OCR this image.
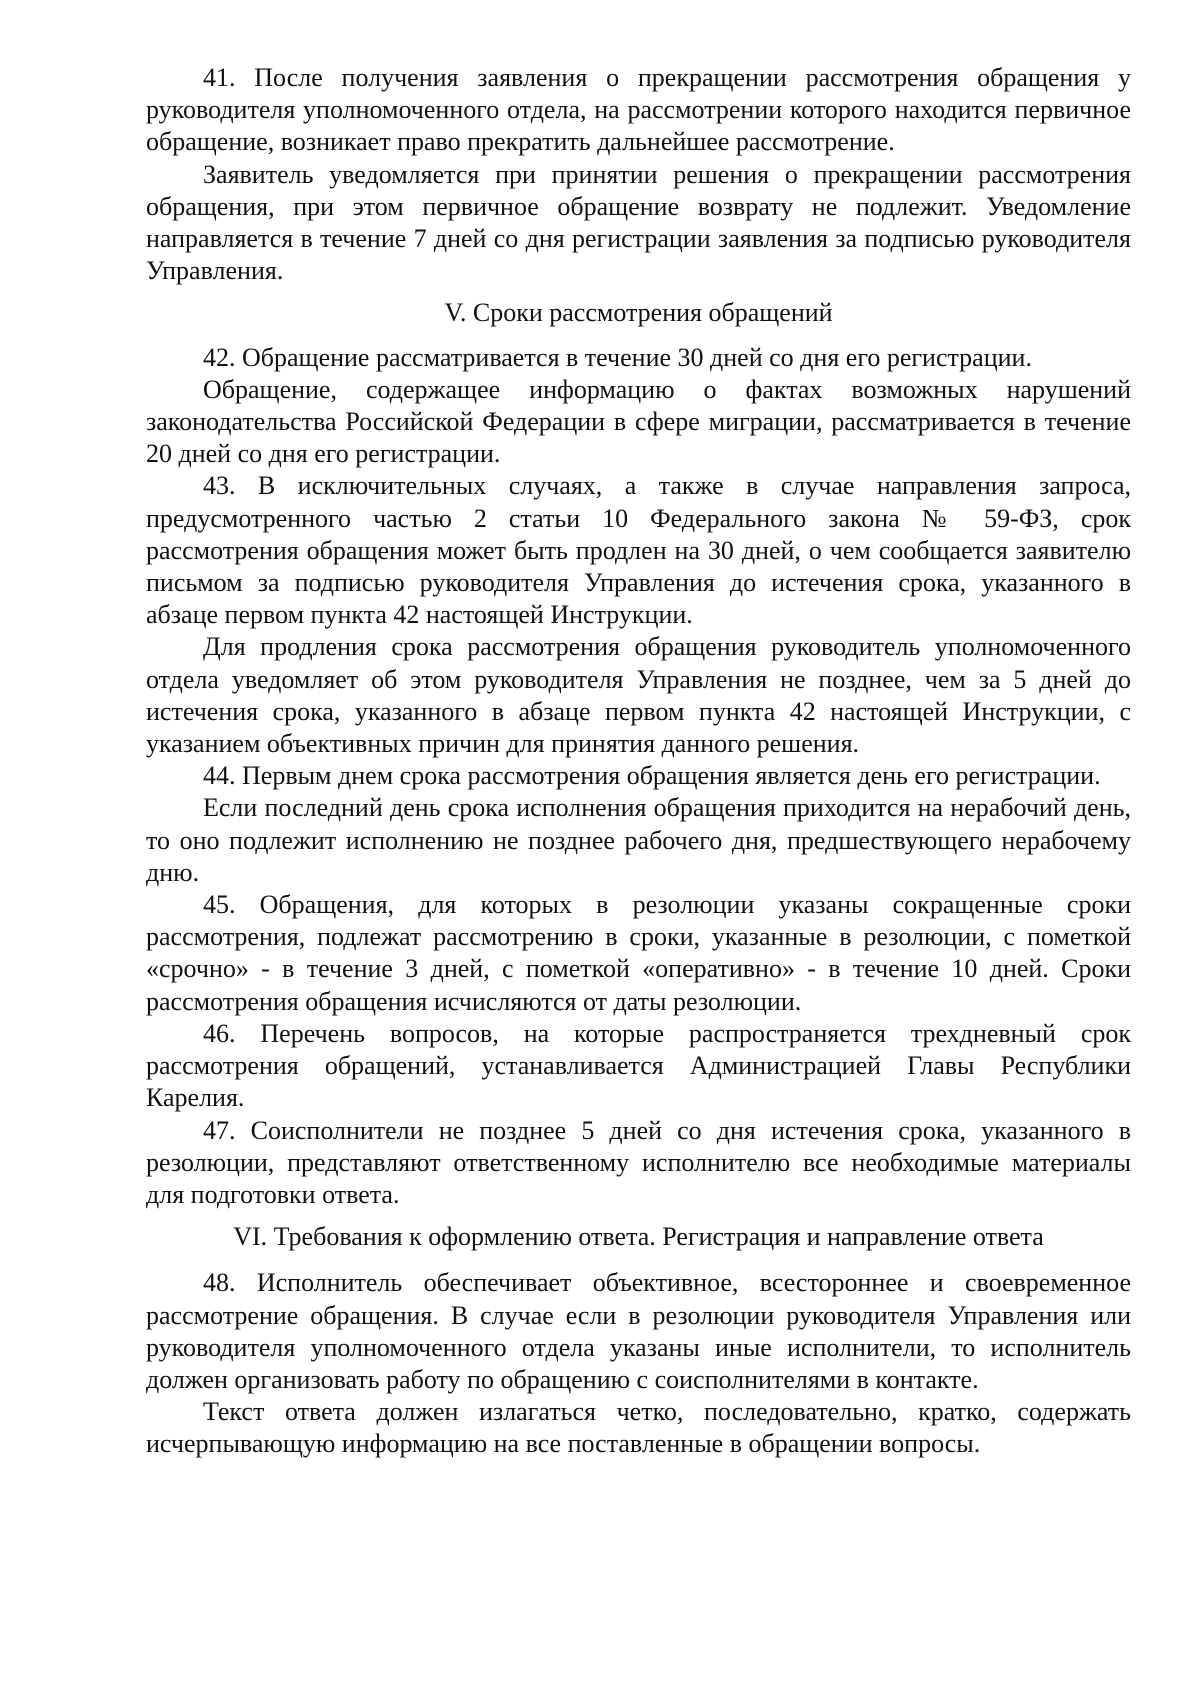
41. После получения заявления о прекращении рассмотрения обращения у руководителя уполномоченного отдела, на рассмотрении которого находится первичное обращение, возникает право прекратить дальнейшее рассмотрение.

Заявитель уведомляется при принятии решения о прекращении рассмотрения обращения, при этом первичное обращение возврату не подлежит. Уведомление направляется в течение 7 дней со дня регистрации заявления за подписью руководителя Управления.

V. Сроки рассмотрения обращений

42. Обращение рассматривается в течение 30 дней со дня его регистрации.

Обращение, содержащее информацию о фактах возможных нарушений законодательства Российской Федерации в сфере миграции, рассматривается в течение 20 дней со дня его регистрации.

43. В исключительных случаях, а также в случае направления запроса, предусмотренного частью 2 статьи 10 Федерального закона № 59-ФЗ, срок рассмотрения обращения может быть продлен на 30 дней, о чем сообщается заявителю письмом за подписью руководителя Управления до истечения срока, указанного в абзаце первом пункта 42 настоящей Инструкции.

Для продления срока рассмотрения обращения руководитель уполномоченного отдела уведомляет об этом руководителя Управления не позднее, чем за 5 дней до истечения срока, указанного в абзаце первом пункта 42 настоящей Инструкции, с указанием объективных причин для принятия данного решения.

44. Первым днем срока рассмотрения обращения является день его регистрации.

Если последний день срока исполнения обращения приходится на нерабочий день, то оно подлежит исполнению не позднее рабочего дня, предшествующего нерабочему дню.

45. Обращения, для которых в резолюции указаны сокращенные сроки рассмотрения, подлежат рассмотрению в сроки, указанные в резолюции, с пометкой «срочно» - в течение 3 дней, с пометкой «оперативно» - в течение 10 дней. Сроки рассмотрения обращения исчисляются от даты резолюции.

46. Перечень вопросов, на которые распространяется трехдневный срок рассмотрения обращений, устанавливается Администрацией Главы Республики Карелия.

47. Соисполнители не позднее 5 дней со дня истечения срока, указанного в резолюции, представляют ответственному исполнителю все необходимые материалы для подготовки ответа.

VI. Требования к оформлению ответа. Регистрация и направление ответа

48. Исполнитель обеспечивает объективное, всестороннее и своевременное рассмотрение обращения. В случае если в резолюции руководителя Управления или руководителя уполномоченного отдела указаны иные исполнители, то исполнитель должен организовать работу по обращению с соисполнителями в контакте.

Текст ответа должен излагаться четко, последовательно, кратко, содержать исчерпывающую информацию на все поставленные в обращении вопросы.
